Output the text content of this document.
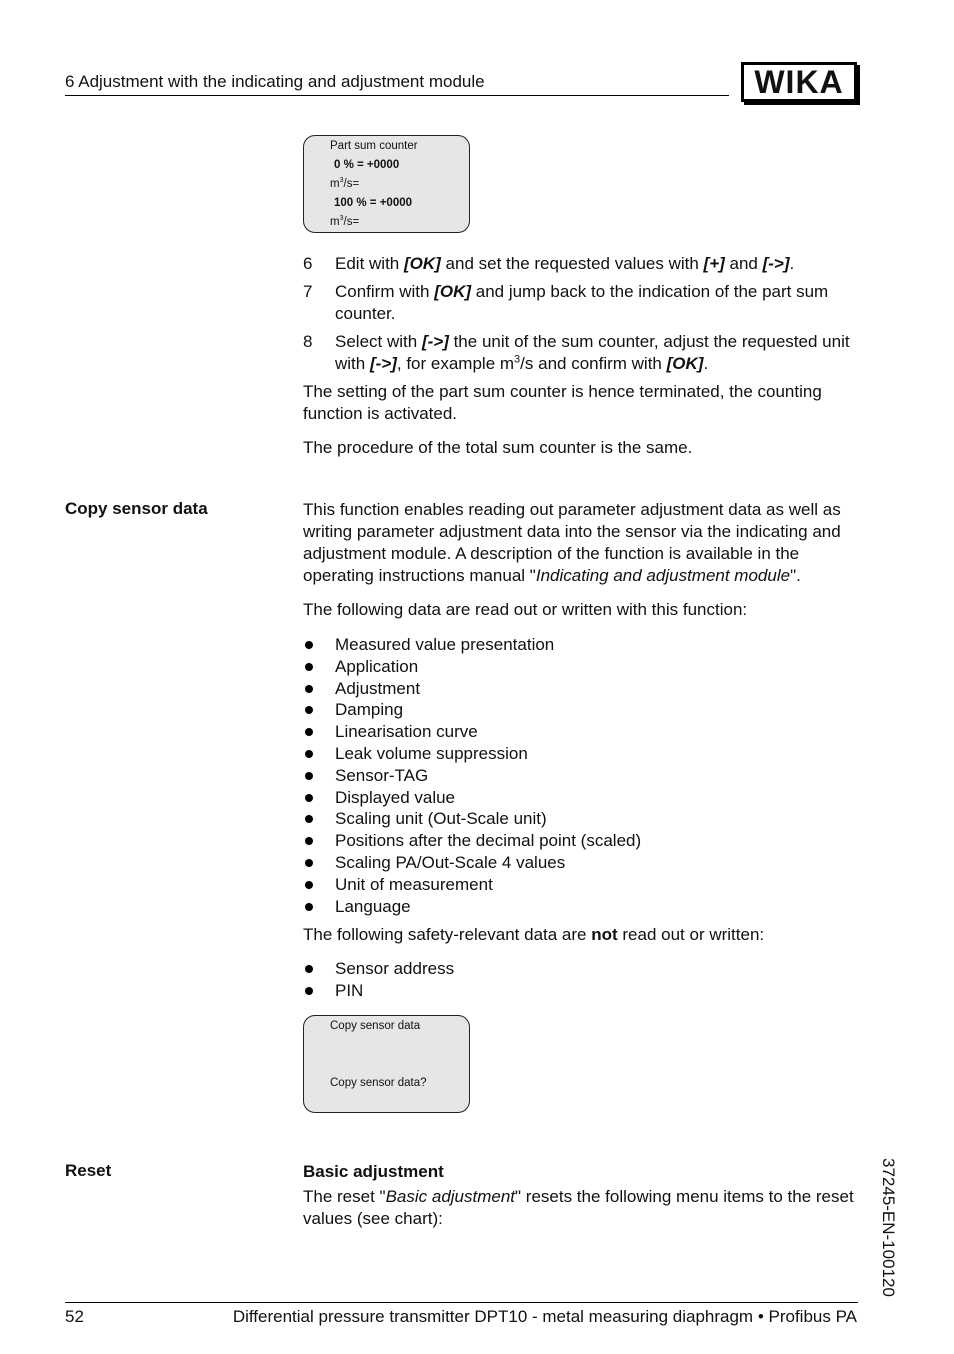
6 Adjustment with the indicating and adjustment module	WIKA
Part sum counter
0 % = +0000
$m^3/s=$
100 % = +0000
$m^3/s=$
6 Edit with [OK] and set the requested values with [+] and [->].
7 Confirm with [OK] and jump back to the indication of the part sum counter.
8 Select with [->] the unit of the sum counter, adjust the requested unit with [->], for example $m^3/s$ and confirm with [OK].
The setting of the part sum counter is hence terminated, the counting function is activated.
The procedure of the total sum counter is the same.
Copy sensor data	This function enables reading out parameter adjustment data as well as writing parameter adjustment data into the sensor via the indicating and adjustment module. A description of the function is available in the operating instructions manual "Indicating and adjustment module".
The following data are read out or written with this function:
Measured value presentation
Application
Adjustment
Damping
Linearisation curve
Leak volume suppression
Sensor-TAG
Displayed value
Scaling unit (Out-Scale unit)
Positions after the decimal point (scaled)
Scaling PA/Out-Scale 4 values
Unit of measurement
Language
The following safety-relevant data are not read out or written:
Sensor address
PIN
Copy sensor data

Copy sensor data?
Reset	Basic adjustment
The reset "Basic adjustment" resets the following menu items to the reset values (see chart):	37245-EN-100120
52	Differential pressure transmitter DPT10 - metal measuring diaphragm • Profibus PA
